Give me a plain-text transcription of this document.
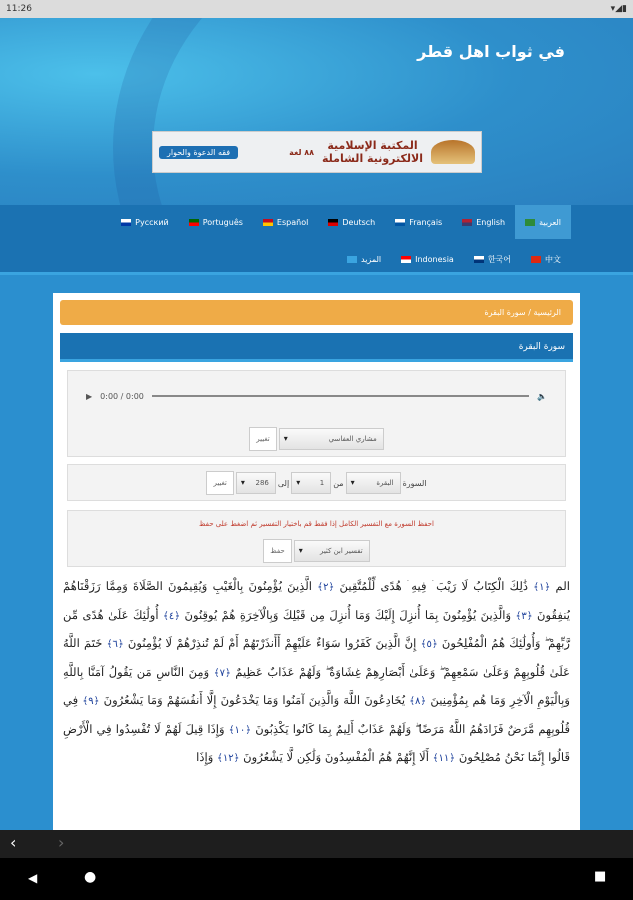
11:26	▾◢▮
في ثواب اهل قطر
المكتبة الإسلامية
الالكترونية الشاملة
٨٨ لغة
فقه الدعوة والحوار
العربية
English
Français
Deutsch
Español
Português
Русский
中文
한국어
Indonesia
المزيد
الرئيسية / سورة البقرة
سورة البقرة
▶ 0:00 / 0:00	🔈
مشاري العفاسي ▾
تغيير
السورة
البقرة ▾
من
1 ▾
إلى
286 ▾
تغيير
احفظ السورة مع التفسير الكامل إذا فقط قم باختيار التفسير ثم اضغط على حفظ
تفسير ابن كثير ▾
حفظ
الم ﴿١﴾ ذَٰلِكَ الْكِتَابُ لَا رَيْبَ ۛ فِيهِ ۛ هُدًى لِّلْمُتَّقِينَ ﴿٢﴾ الَّذِينَ يُؤْمِنُونَ بِالْغَيْبِ وَيُقِيمُونَ الصَّلَاةَ وَمِمَّا رَزَقْنَاهُمْ يُنفِقُونَ ﴿٣﴾ وَالَّذِينَ يُؤْمِنُونَ بِمَا أُنزِلَ إِلَيْكَ وَمَا أُنزِلَ مِن قَبْلِكَ وَبِالْآخِرَةِ هُمْ يُوقِنُونَ ﴿٤﴾ أُولَٰئِكَ عَلَىٰ هُدًى مِّن رَّبِّهِمْ ۖ وَأُولَٰئِكَ هُمُ الْمُفْلِحُونَ ﴿٥﴾ إِنَّ الَّذِينَ كَفَرُوا سَوَاءٌ عَلَيْهِمْ أَأَنذَرْتَهُمْ أَمْ لَمْ تُنذِرْهُمْ لَا يُؤْمِنُونَ ﴿٦﴾ خَتَمَ اللَّهُ عَلَىٰ قُلُوبِهِمْ وَعَلَىٰ سَمْعِهِمْ ۖ وَعَلَىٰ أَبْصَارِهِمْ غِشَاوَةٌ ۖ وَلَهُمْ عَذَابٌ عَظِيمٌ ﴿٧﴾ وَمِنَ النَّاسِ مَن يَقُولُ آمَنَّا بِاللَّهِ وَبِالْيَوْمِ الْآخِرِ وَمَا هُم بِمُؤْمِنِينَ ﴿٨﴾ يُخَادِعُونَ اللَّهَ وَالَّذِينَ آمَنُوا وَمَا يَخْدَعُونَ إِلَّا أَنفُسَهُمْ وَمَا يَشْعُرُونَ ﴿٩﴾ فِي قُلُوبِهِم مَّرَضٌ فَزَادَهُمُ اللَّهُ مَرَضًا ۖ وَلَهُمْ عَذَابٌ أَلِيمٌ بِمَا كَانُوا يَكْذِبُونَ ﴿١٠﴾ وَإِذَا قِيلَ لَهُمْ لَا تُفْسِدُوا فِي الْأَرْضِ قَالُوا إِنَّمَا نَحْنُ مُصْلِحُونَ ﴿١١﴾ أَلَا إِنَّهُمْ هُمُ الْمُفْسِدُونَ وَلَٰكِن لَّا يَشْعُرُونَ ﴿١٢﴾ وَإِذَا
‹	›
◀	●	■
